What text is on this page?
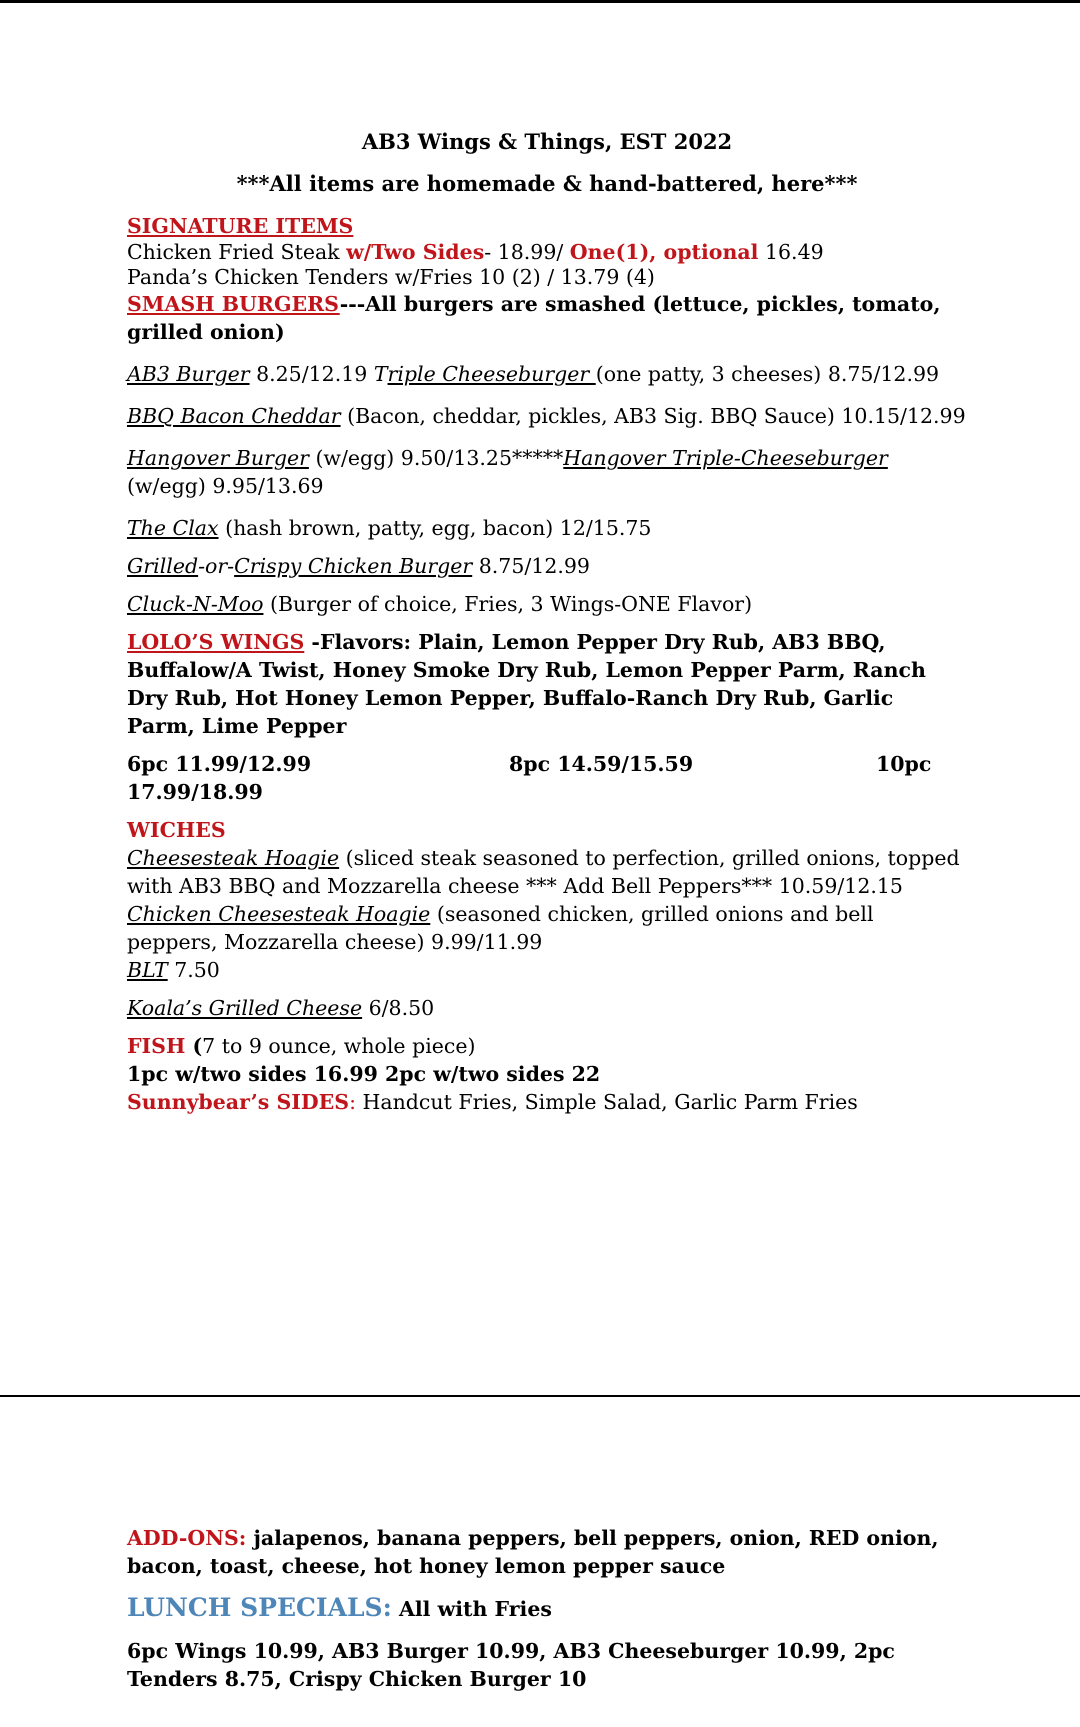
AB3 Wings & Things, EST 2022

***All items are homemade & hand-battered, here***

SIGNATURE ITEMS

Chicken Fried Steak w/Two Sides- 18.99/ One(1), optional 16.49

Panda’s Chicken Tenders w/Fries 10 (2) / 13.79 (4)

SMASH BURGERS---All burgers are smashed (lettuce, pickles, tomato, grilled onion)

AB3 Burger 8.25/12.19 Triple Cheeseburger (one patty, 3 cheeses) 8.75/12.99

BBQ Bacon Cheddar (Bacon, cheddar, pickles, AB3 Sig. BBQ Sauce) 10.15/12.99

Hangover Burger (w/egg) 9.50/13.25*****Hangover Triple-Cheeseburger (w/egg) 9.95/13.69

The Clax (hash brown, patty, egg, bacon) 12/15.75

Grilled-or-Crispy Chicken Burger 8.75/12.99

Cluck-N-Moo (Burger of choice, Fries, 3 Wings-ONE Flavor)

LOLO’S WINGS -Flavors: Plain, Lemon Pepper Dry Rub, AB3 BBQ, Buffalow/A Twist, Honey Smoke Dry Rub, Lemon Pepper Parm, Ranch Dry Rub, Hot Honey Lemon Pepper, Buffalo-Ranch Dry Rub, Garlic Parm, Lime Pepper

6pc 11.99/12.99	8pc 14.59/15.59	10pc

17.99/18.99

WICHES

Cheesesteak Hoagie (sliced steak seasoned to perfection, grilled onions, topped with AB3 BBQ and Mozzarella cheese *** Add Bell Peppers*** 10.59/12.15

Chicken Cheesesteak Hoagie (seasoned chicken, grilled onions and bell peppers, Mozzarella cheese) 9.99/11.99

BLT 7.50

Koala’s Grilled Cheese 6/8.50

FISH (7 to 9 ounce, whole piece)

1pc w/two sides 16.99 2pc w/two sides 22

Sunnybear’s SIDES: Handcut Fries, Simple Salad, Garlic Parm Fries

ADD-ONS: jalapenos, banana peppers, bell peppers, onion, RED onion, bacon, toast, cheese, hot honey lemon pepper sauce

LUNCH SPECIALS: All with Fries

6pc Wings 10.99, AB3 Burger 10.99, AB3 Cheeseburger 10.99, 2pc Tenders 8.75, Crispy Chicken Burger 10
